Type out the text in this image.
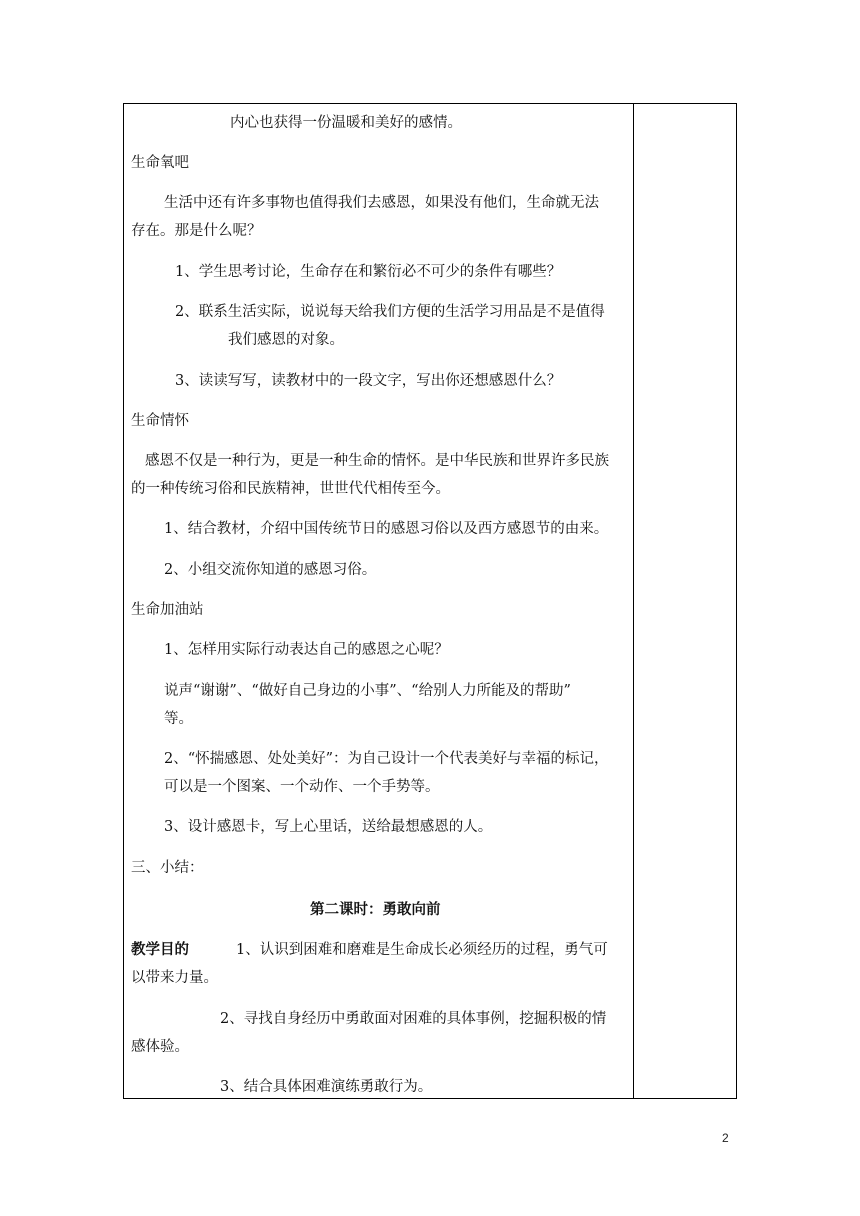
内心也获得一份温暖和美好的感情。
生命氧吧
生活中还有许多事物也值得我们去感恩，如果没有他们，生命就无法
存在。那是什么呢？
1、学生思考讨论，生命存在和繁衍必不可少的条件有哪些？
2、联系生活实际，说说每天给我们方便的生活学习用品是不是值得
我们感恩的对象。
3、读读写写，读教材中的一段文字，写出你还想感恩什么？
生命情怀
感恩不仅是一种行为，更是一种生命的情怀。是中华民族和世界许多民族
的一种传统习俗和民族精神，世世代代相传至今。
1、结合教材，介绍中国传统节日的感恩习俗以及西方感恩节的由来。
2、小组交流你知道的感恩习俗。
生命加油站
1、怎样用实际行动表达自己的感恩之心呢？
说声“谢谢”、“做好自己身边的小事”、“给别人力所能及的帮助”
等。
2、“怀揣感恩、处处美好”：为自己设计一个代表美好与幸福的标记，
可以是一个图案、一个动作、一个手势等。
3、设计感恩卡，写上心里话，送给最想感恩的人。
三、小结：
第二课时：勇敢向前
教学目的	1、认识到困难和磨难是生命成长必须经历的过程，勇气可
以带来力量。
2、寻找自身经历中勇敢面对困难的具体事例，挖掘积极的情
感体验。
3、结合具体困难演练勇敢行为。
2
